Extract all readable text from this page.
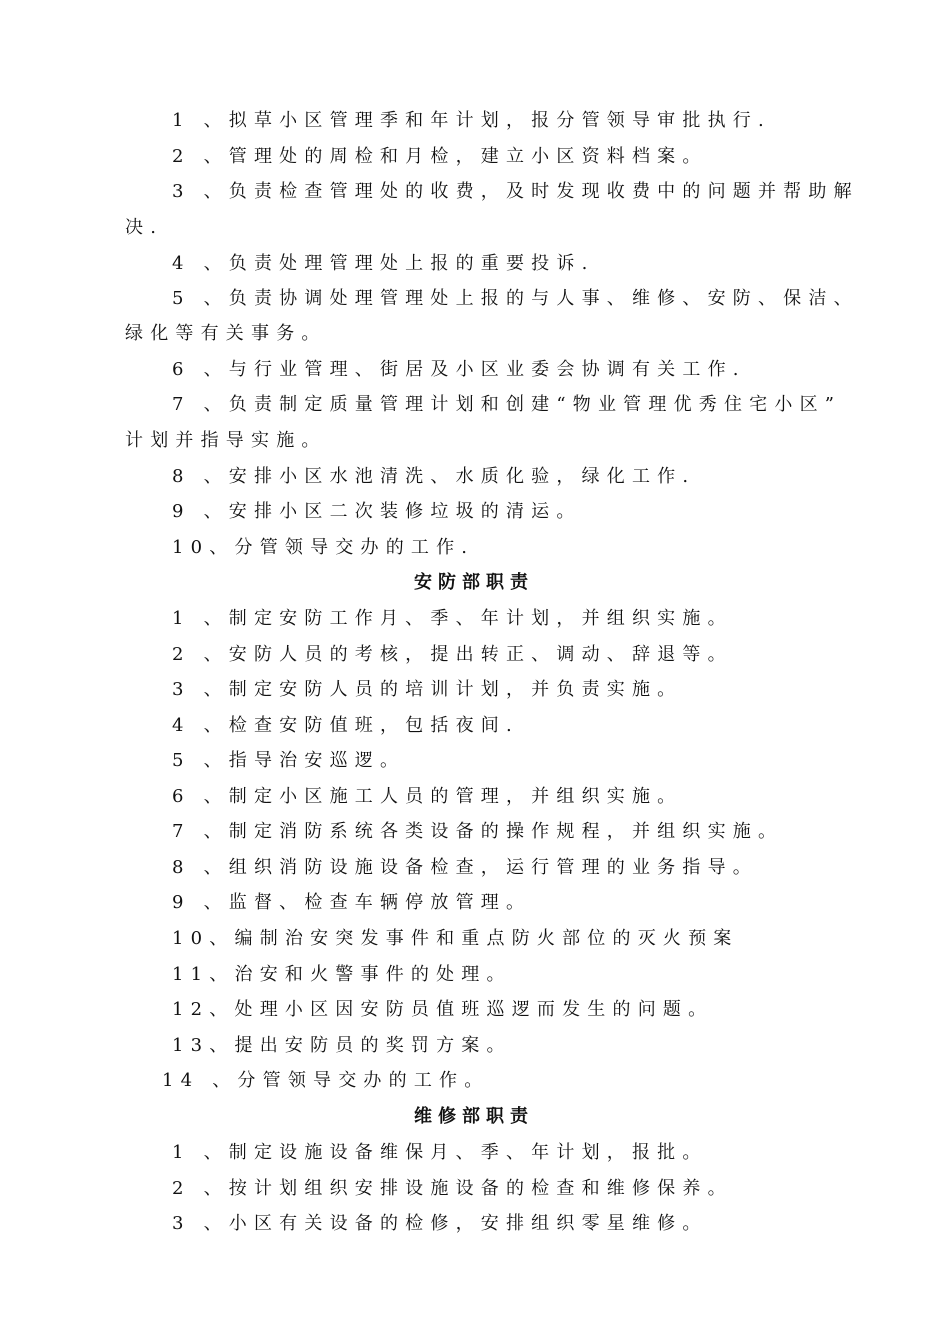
1 、拟草小区管理季和年计划，报分管领导审批执行.
2 、管理处的周检和月检，建立小区资料档案。
3 、负责检查管理处的收费，及时发现收费中的问题并帮助解
决.
4 、负责处理管理处上报的重要投诉.
5 、负责协调处理管理处上报的与人事、维修、安防、保洁、
绿化等有关事务。
6 、与行业管理、街居及小区业委会协调有关工作.
7 、负责制定质量管理计划和创建“物业管理优秀住宅小区”
计划并指导实施。
8 、安排小区水池清洗、水质化验，绿化工作.
9 、安排小区二次装修垃圾的清运。
10、分管领导交办的工作.
安防部职责
1 、制定安防工作月、季、年计划，并组织实施。
2 、安防人员的考核，提出转正、调动、辞退等。
3 、制定安防人员的培训计划，并负责实施。
4 、检查安防值班，包括夜间.
5 、指导治安巡逻。
6 、制定小区施工人员的管理，并组织实施。
7 、制定消防系统各类设备的操作规程，并组织实施。
8 、组织消防设施设备检查，运行管理的业务指导。
9 、监督、检查车辆停放管理。
10、编制治安突发事件和重点防火部位的灭火预案
11、治安和火警事件的处理。
12、处理小区因安防员值班巡逻而发生的问题。
13、提出安防员的奖罚方案。
14 、分管领导交办的工作。
维修部职责
1 、制定设施设备维保月、季、年计划，报批。
2 、按计划组织安排设施设备的检查和维修保养。
3 、小区有关设备的检修，安排组织零星维修。
